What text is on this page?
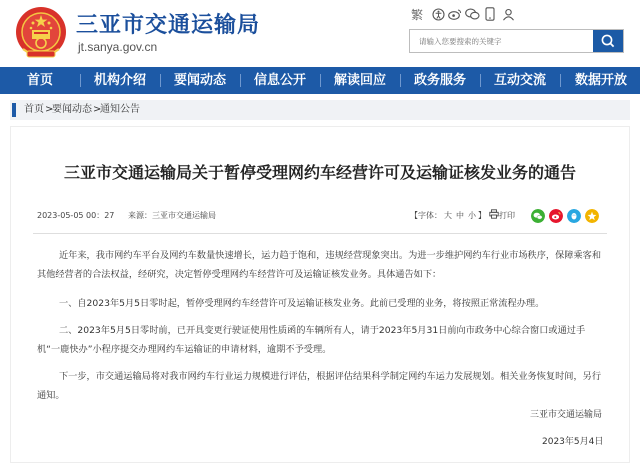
三亚市交通运输局
jt.sanya.gov.cn
繁
请输入您要搜索的关键字
首页	机构介绍	要闻动态	信息公开	解读回应	政务服务	互动交流	数据开放
首页 >
要闻动态 >
通知公告
三亚市交通运输局关于暂停受理网约车经营许可及运输证核发业务的通告
2023-05-05 00：27 来源：三亚市交通运输局	【字体： 大 中 小 】	打印
近年来，我市网约车平台及网约车数量快速增长，运力趋于饱和，违规经营现象突出。为进一步维护网约车行业市场秩序，保障乘客和其他经营者的合法权益，经研究，决定暂停受理网约车经营许可及运输证核发业务。具体通告如下：
一、自2023年5月5日零时起，暂停受理网约车经营许可及运输证核发业务。此前已受理的业务，将按照正常流程办理。
二、2023年5月5日零时前，已开具变更行驶证使用性质函的车辆所有人，请于2023年5月31日前向市政务中心综合窗口或通过手机“一鹿快办”小程序提交办理网约车运输证的申请材料，逾期不予受理。
下一步，市交通运输局将对我市网约车行业运力规模进行评估，根据评估结果科学制定网约车运力发展规划。相关业务恢复时间，另行通知。
三亚市交通运输局
2023年5月4日
